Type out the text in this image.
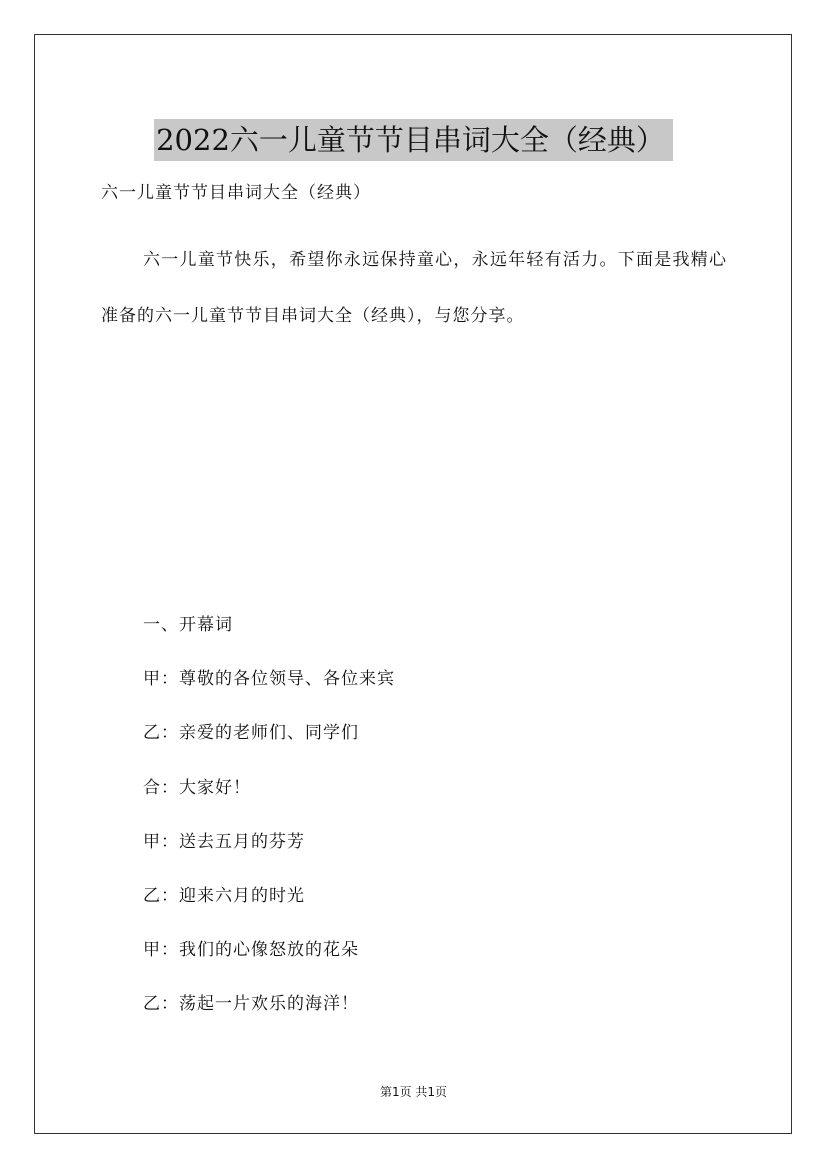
2022六一儿童节节目串词大全（经典）
六一儿童节节目串词大全（经典）

六一儿童节快乐，希望你永远保持童心，永远年轻有活力。下面是我精心准备的六一儿童节节目串词大全（经典），与您分享。

一、开幕词
甲：尊敬的各位领导、各位来宾
乙：亲爱的老师们、同学们
合：大家好！
甲：送去五月的芬芳
乙：迎来六月的时光
甲：我们的心像怒放的花朵
乙：荡起一片欢乐的海洋！
第1页 共1页
